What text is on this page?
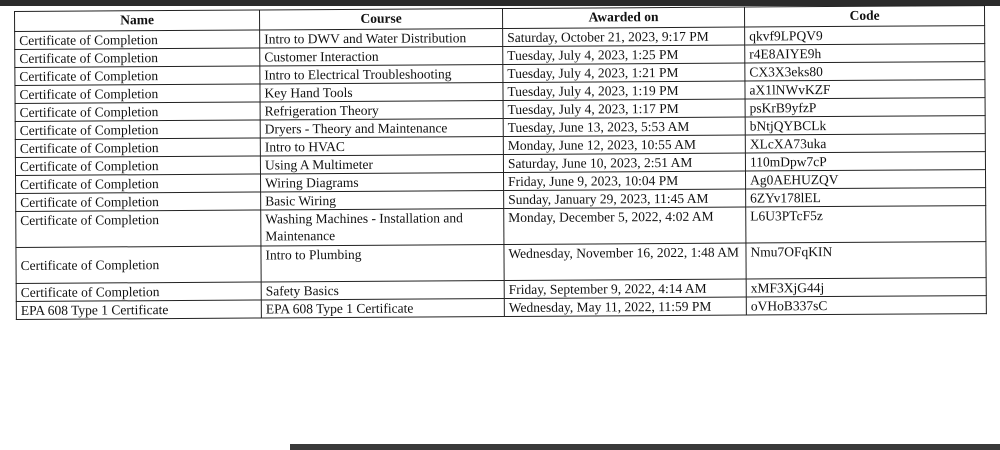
Name	Course	Awarded on	Code
Certificate of Completion	Intro to DWV and Water Distribution	Saturday, October 21, 2023, 9:17 PM	qkvf9LPQV9
Certificate of Completion	Customer Interaction	Tuesday, July 4, 2023, 1:25 PM	r4E8AIYE9h
Certificate of Completion	Intro to Electrical Troubleshooting	Tuesday, July 4, 2023, 1:21 PM	CX3X3eks80
Certificate of Completion	Key Hand Tools	Tuesday, July 4, 2023, 1:19 PM	aX1lNWvKZF
Certificate of Completion	Refrigeration Theory	Tuesday, July 4, 2023, 1:17 PM	psKrB9yfzP
Certificate of Completion	Dryers - Theory and Maintenance	Tuesday, June 13, 2023, 5:53 AM	bNtjQYBCLk
Certificate of Completion	Intro to HVAC	Monday, June 12, 2023, 10:55 AM	XLcXA73uka
Certificate of Completion	Using A Multimeter	Saturday, June 10, 2023, 2:51 AM	110mDpw7cP
Certificate of Completion	Wiring Diagrams	Friday, June 9, 2023, 10:04 PM	Ag0AEHUZQV
Certificate of Completion	Basic Wiring	Sunday, January 29, 2023, 11:45 AM	6ZYv178lEL
Certificate of Completion	Washing Machines - Installation and Maintenance	Monday, December 5, 2022, 4:02 AM	L6U3PTcF5z
Certificate of Completion	Intro to Plumbing	Wednesday, November 16, 2022, 1:48 AM	Nmu7OFqKIN
Certificate of Completion	Safety Basics	Friday, September 9, 2022, 4:14 AM	xMF3XjG44j
EPA 608 Type 1 Certificate	EPA 608 Type 1 Certificate	Wednesday, May 11, 2022, 11:59 PM	oVHoB337sC
